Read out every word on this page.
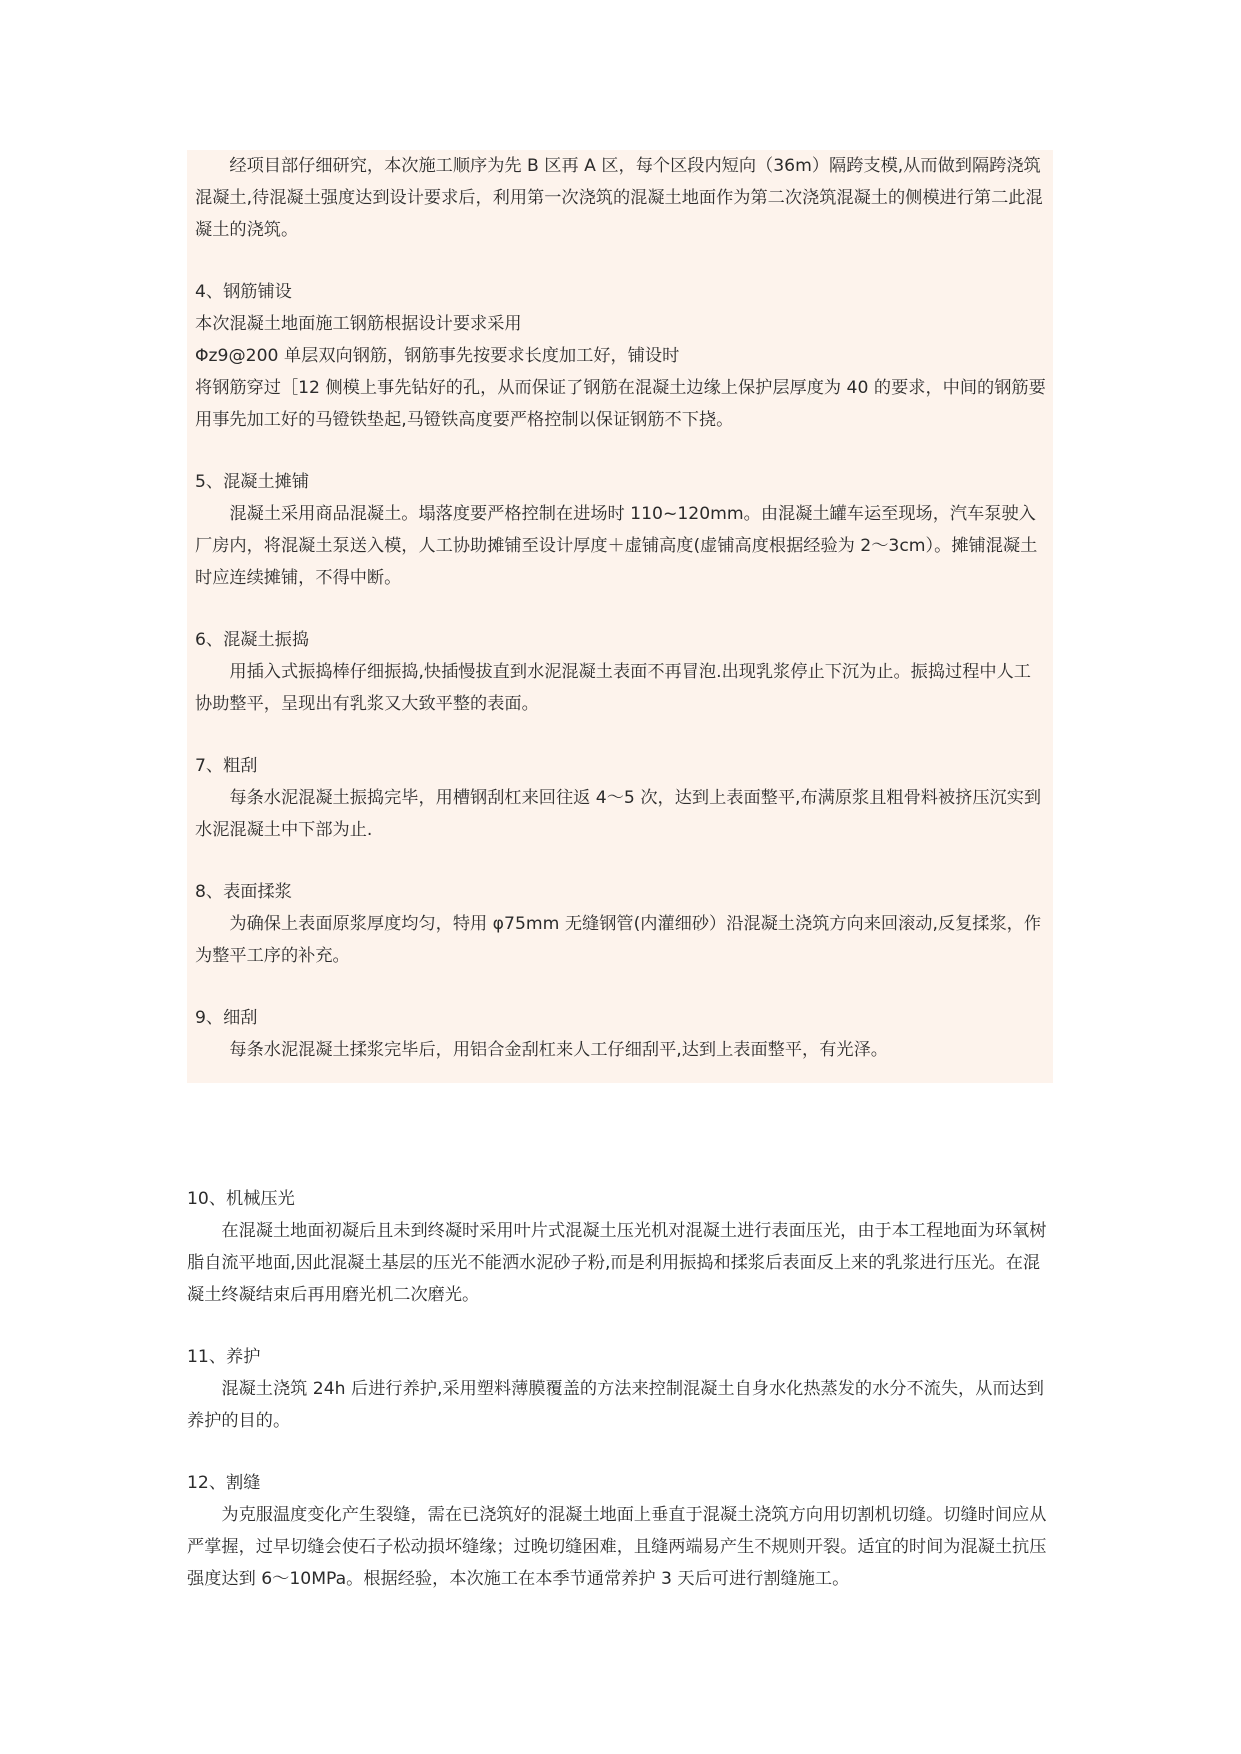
经项目部仔细研究，本次施工顺序为先 B 区再 A 区，每个区段内短向（36m）隔跨支模,从而做到隔跨浇筑混凝土,待混凝土强度达到设计要求后，利用第一次浇筑的混凝土地面作为第二次浇筑混凝土的侧模进行第二此混凝土的浇筑。

4、钢筋铺设

本次混凝土地面施工钢筋根据设计要求采用

Φz9@200 单层双向钢筋，钢筋事先按要求长度加工好，铺设时

将钢筋穿过［12 侧模上事先钻好的孔，从而保证了钢筋在混凝土边缘上保护层厚度为 40 的要求，中间的钢筋要用事先加工好的马镫铁垫起,马镫铁高度要严格控制以保证钢筋不下挠。

5、混凝土摊铺

混凝土采用商品混凝土。塌落度要严格控制在进场时 110~120mm。由混凝土罐车运至现场，汽车泵驶入厂房内，将混凝土泵送入模，人工协助摊铺至设计厚度＋虚铺高度(虚铺高度根据经验为 2～3cm）。摊铺混凝土时应连续摊铺，不得中断。

6、混凝土振捣

用插入式振捣棒仔细振捣,快插慢拔直到水泥混凝土表面不再冒泡.出现乳浆停止下沉为止。振捣过程中人工协助整平，呈现出有乳浆又大致平整的表面。

7、粗刮

每条水泥混凝土振捣完毕，用槽钢刮杠来回往返 4～5 次，达到上表面整平,布满原浆且粗骨料被挤压沉实到水泥混凝土中下部为止.

8、表面揉浆

为确保上表面原浆厚度均匀，特用 φ75mm 无缝钢管(内灌细砂）沿混凝土浇筑方向来回滚动,反复揉浆，作为整平工序的补充。

9、细刮

每条水泥混凝土揉浆完毕后，用铝合金刮杠来人工仔细刮平,达到上表面整平，有光泽。

10、机械压光

在混凝土地面初凝后且未到终凝时采用叶片式混凝土压光机对混凝土进行表面压光，由于本工程地面为环氧树脂自流平地面,因此混凝土基层的压光不能洒水泥砂子粉,而是利用振捣和揉浆后表面反上来的乳浆进行压光。在混凝土终凝结束后再用磨光机二次磨光。

11、养护

混凝土浇筑 24h 后进行养护,采用塑料薄膜覆盖的方法来控制混凝土自身水化热蒸发的水分不流失，从而达到养护的目的。

12、割缝

为克服温度变化产生裂缝，需在已浇筑好的混凝土地面上垂直于混凝土浇筑方向用切割机切缝。切缝时间应从严掌握，过早切缝会使石子松动损坏缝缘；过晚切缝困难，且缝两端易产生不规则开裂。适宜的时间为混凝土抗压强度达到 6～10MPa。根据经验，本次施工在本季节通常养护 3 天后可进行割缝施工。
